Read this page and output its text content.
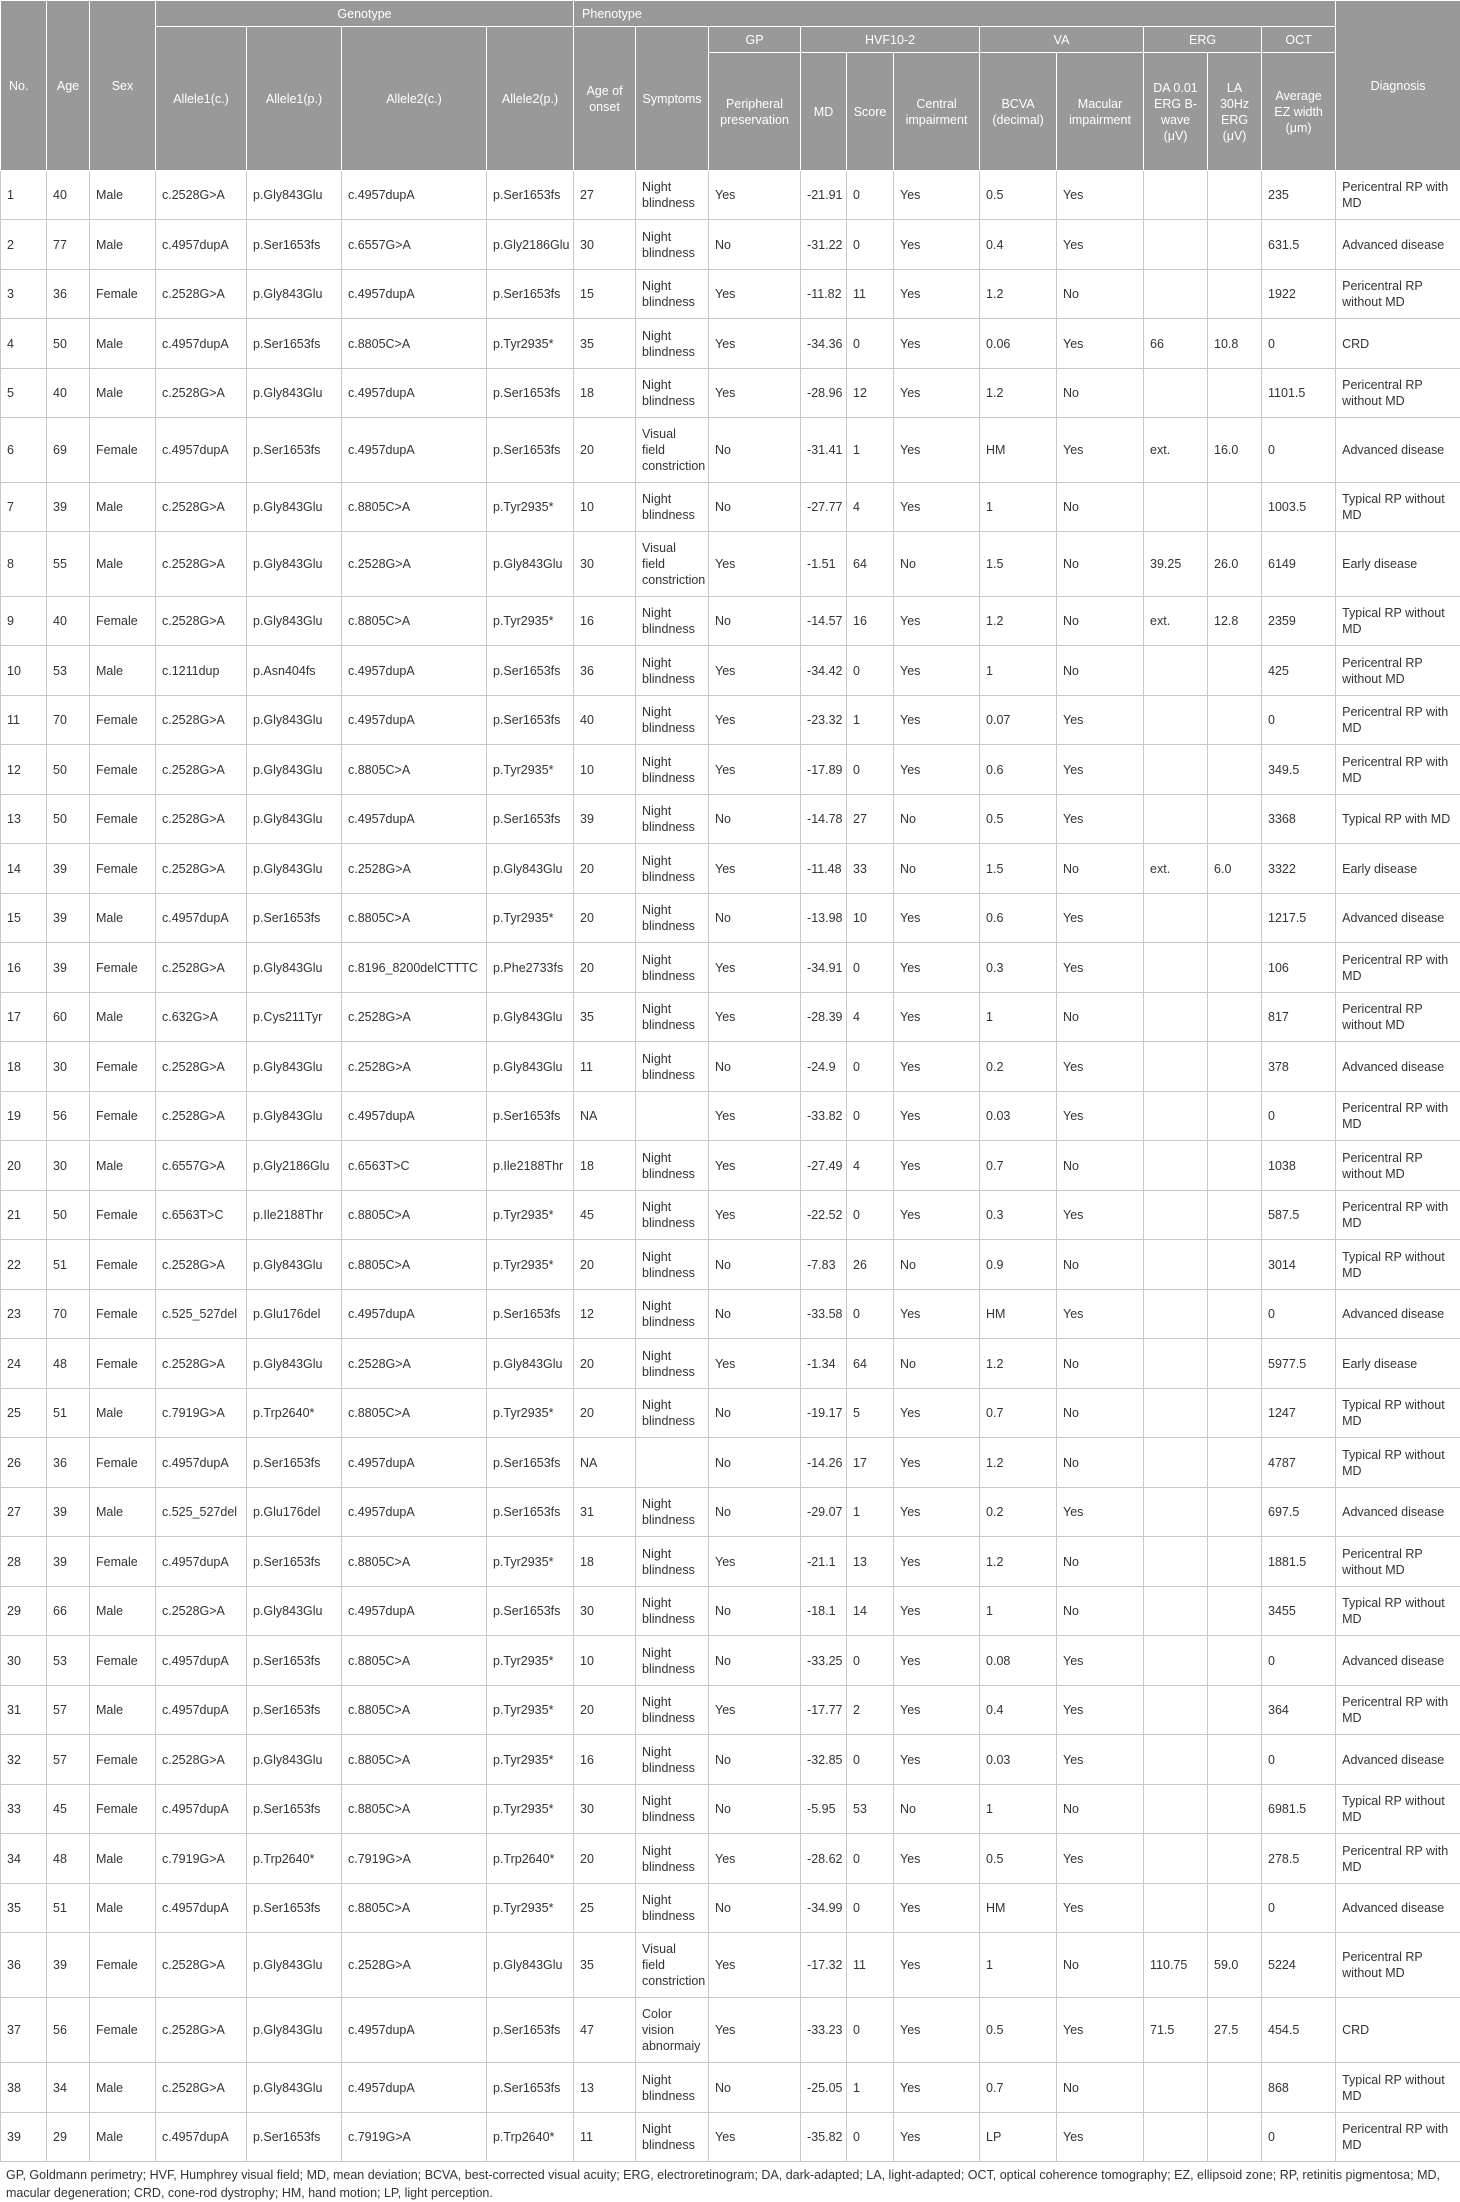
No.	Age	Sex	Genotype				Phenotype											Diagnosis
			Allele1(c.)	Allele1(p.)	Allele2(c.)	Allele2(p.)	Age of onset	Symptoms	GP	HVF10-2			VA		ERG		OCT	
									Peripheral preservation	MD	Score	Central impairment	BCVA (decimal)	Macular impairment	DA 0.01 ERG B-wave (μV)	LA 30Hz ERG (μV)	Average EZ width (μm)	
1	40	Male	c.2528G>A	p.Gly843Glu	c.4957dupA	p.Ser1653fs	27	Night blindness	Yes	-21.91	0	Yes	0.5	Yes			235	Pericentral RP with MD
2	77	Male	c.4957dupA	p.Ser1653fs	c.6557G>A	p.Gly2186Glu	30	Night blindness	No	-31.22	0	Yes	0.4	Yes			631.5	Advanced disease
3	36	Female	c.2528G>A	p.Gly843Glu	c.4957dupA	p.Ser1653fs	15	Night blindness	Yes	-11.82	11	Yes	1.2	No			1922	Pericentral RP without MD
4	50	Male	c.4957dupA	p.Ser1653fs	c.8805C>A	p.Tyr2935*	35	Night blindness	Yes	-34.36	0	Yes	0.06	Yes	66	10.8	0	CRD
5	40	Male	c.2528G>A	p.Gly843Glu	c.4957dupA	p.Ser1653fs	18	Night blindness	Yes	-28.96	12	Yes	1.2	No			1101.5	Pericentral RP without MD
6	69	Female	c.4957dupA	p.Ser1653fs	c.4957dupA	p.Ser1653fs	20	Visual field constriction	No	-31.41	1	Yes	HM	Yes	ext.	16.0	0	Advanced disease
7	39	Male	c.2528G>A	p.Gly843Glu	c.8805C>A	p.Tyr2935*	10	Night blindness	No	-27.77	4	Yes	1	No			1003.5	Typical RP without MD
8	55	Male	c.2528G>A	p.Gly843Glu	c.2528G>A	p.Gly843Glu	30	Visual field constriction	Yes	-1.51	64	No	1.5	No	39.25	26.0	6149	Early disease
9	40	Female	c.2528G>A	p.Gly843Glu	c.8805C>A	p.Tyr2935*	16	Night blindness	No	-14.57	16	Yes	1.2	No	ext.	12.8	2359	Typical RP without MD
10	53	Male	c.1211dup	p.Asn404fs	c.4957dupA	p.Ser1653fs	36	Night blindness	Yes	-34.42	0	Yes	1	No			425	Pericentral RP without MD
11	70	Female	c.2528G>A	p.Gly843Glu	c.4957dupA	p.Ser1653fs	40	Night blindness	Yes	-23.32	1	Yes	0.07	Yes			0	Pericentral RP with MD
12	50	Female	c.2528G>A	p.Gly843Glu	c.8805C>A	p.Tyr2935*	10	Night blindness	Yes	-17.89	0	Yes	0.6	Yes			349.5	Pericentral RP with MD
13	50	Female	c.2528G>A	p.Gly843Glu	c.4957dupA	p.Ser1653fs	39	Night blindness	No	-14.78	27	No	0.5	Yes			3368	Typical RP with MD
14	39	Female	c.2528G>A	p.Gly843Glu	c.2528G>A	p.Gly843Glu	20	Night blindness	Yes	-11.48	33	No	1.5	No	ext.	6.0	3322	Early disease
15	39	Male	c.4957dupA	p.Ser1653fs	c.8805C>A	p.Tyr2935*	20	Night blindness	No	-13.98	10	Yes	0.6	Yes			1217.5	Advanced disease
16	39	Female	c.2528G>A	p.Gly843Glu	c.8196_8200delCTTTC	p.Phe2733fs	20	Night blindness	Yes	-34.91	0	Yes	0.3	Yes			106	Pericentral RP with MD
17	60	Male	c.632G>A	p.Cys211Tyr	c.2528G>A	p.Gly843Glu	35	Night blindness	Yes	-28.39	4	Yes	1	No			817	Pericentral RP without MD
18	30	Female	c.2528G>A	p.Gly843Glu	c.2528G>A	p.Gly843Glu	11	Night blindness	No	-24.9	0	Yes	0.2	Yes			378	Advanced disease
19	56	Female	c.2528G>A	p.Gly843Glu	c.4957dupA	p.Ser1653fs	NA		Yes	-33.82	0	Yes	0.03	Yes			0	Pericentral RP with MD
20	30	Male	c.6557G>A	p.Gly2186Glu	c.6563T>C	p.Ile2188Thr	18	Night blindness	Yes	-27.49	4	Yes	0.7	No			1038	Pericentral RP without MD
21	50	Female	c.6563T>C	p.Ile2188Thr	c.8805C>A	p.Tyr2935*	45	Night blindness	Yes	-22.52	0	Yes	0.3	Yes			587.5	Pericentral RP with MD
22	51	Female	c.2528G>A	p.Gly843Glu	c.8805C>A	p.Tyr2935*	20	Night blindness	No	-7.83	26	No	0.9	No			3014	Typical RP without MD
23	70	Female	c.525_527del	p.Glu176del	c.4957dupA	p.Ser1653fs	12	Night blindness	No	-33.58	0	Yes	HM	Yes			0	Advanced disease
24	48	Female	c.2528G>A	p.Gly843Glu	c.2528G>A	p.Gly843Glu	20	Night blindness	Yes	-1.34	64	No	1.2	No			5977.5	Early disease
25	51	Male	c.7919G>A	p.Trp2640*	c.8805C>A	p.Tyr2935*	20	Night blindness	No	-19.17	5	Yes	0.7	No			1247	Typical RP without MD
26	36	Female	c.4957dupA	p.Ser1653fs	c.4957dupA	p.Ser1653fs	NA		No	-14.26	17	Yes	1.2	No			4787	Typical RP without MD
27	39	Male	c.525_527del	p.Glu176del	c.4957dupA	p.Ser1653fs	31	Night blindness	No	-29.07	1	Yes	0.2	Yes			697.5	Advanced disease
28	39	Female	c.4957dupA	p.Ser1653fs	c.8805C>A	p.Tyr2935*	18	Night blindness	Yes	-21.1	13	Yes	1.2	No			1881.5	Pericentral RP without MD
29	66	Male	c.2528G>A	p.Gly843Glu	c.4957dupA	p.Ser1653fs	30	Night blindness	No	-18.1	14	Yes	1	No			3455	Typical RP without MD
30	53	Female	c.4957dupA	p.Ser1653fs	c.8805C>A	p.Tyr2935*	10	Night blindness	No	-33.25	0	Yes	0.08	Yes			0	Advanced disease
31	57	Male	c.4957dupA	p.Ser1653fs	c.8805C>A	p.Tyr2935*	20	Night blindness	Yes	-17.77	2	Yes	0.4	Yes			364	Pericentral RP with MD
32	57	Female	c.2528G>A	p.Gly843Glu	c.8805C>A	p.Tyr2935*	16	Night blindness	No	-32.85	0	Yes	0.03	Yes			0	Advanced disease
33	45	Female	c.4957dupA	p.Ser1653fs	c.8805C>A	p.Tyr2935*	30	Night blindness	No	-5.95	53	No	1	No			6981.5	Typical RP without MD
34	48	Male	c.7919G>A	p.Trp2640*	c.7919G>A	p.Trp2640*	20	Night blindness	Yes	-28.62	0	Yes	0.5	Yes			278.5	Pericentral RP with MD
35	51	Male	c.4957dupA	p.Ser1653fs	c.8805C>A	p.Tyr2935*	25	Night blindness	No	-34.99	0	Yes	HM	Yes			0	Advanced disease
36	39	Female	c.2528G>A	p.Gly843Glu	c.2528G>A	p.Gly843Glu	35	Visual field constriction	Yes	-17.32	11	Yes	1	No	110.75	59.0	5224	Pericentral RP without MD
37	56	Female	c.2528G>A	p.Gly843Glu	c.4957dupA	p.Ser1653fs	47	Color vision abnormaiy	Yes	-33.23	0	Yes	0.5	Yes	71.5	27.5	454.5	CRD
38	34	Male	c.2528G>A	p.Gly843Glu	c.4957dupA	p.Ser1653fs	13	Night blindness	No	-25.05	1	Yes	0.7	No			868	Typical RP without MD
39	29	Male	c.4957dupA	p.Ser1653fs	c.7919G>A	p.Trp2640*	11	Night blindness	Yes	-35.82	0	Yes	LP	Yes			0	Pericentral RP with MD
GP, Goldmann perimetry; HVF, Humphrey visual field; MD, mean deviation; BCVA, best-corrected visual acuity; ERG, electroretinogram; DA, dark-adapted; LA, light-adapted; OCT, optical coherence tomography; EZ, ellipsoid zone; RP, retinitis pigmentosa; MD, macular degeneration; CRD, cone-rod dystrophy; HM, hand motion; LP, light perception.
